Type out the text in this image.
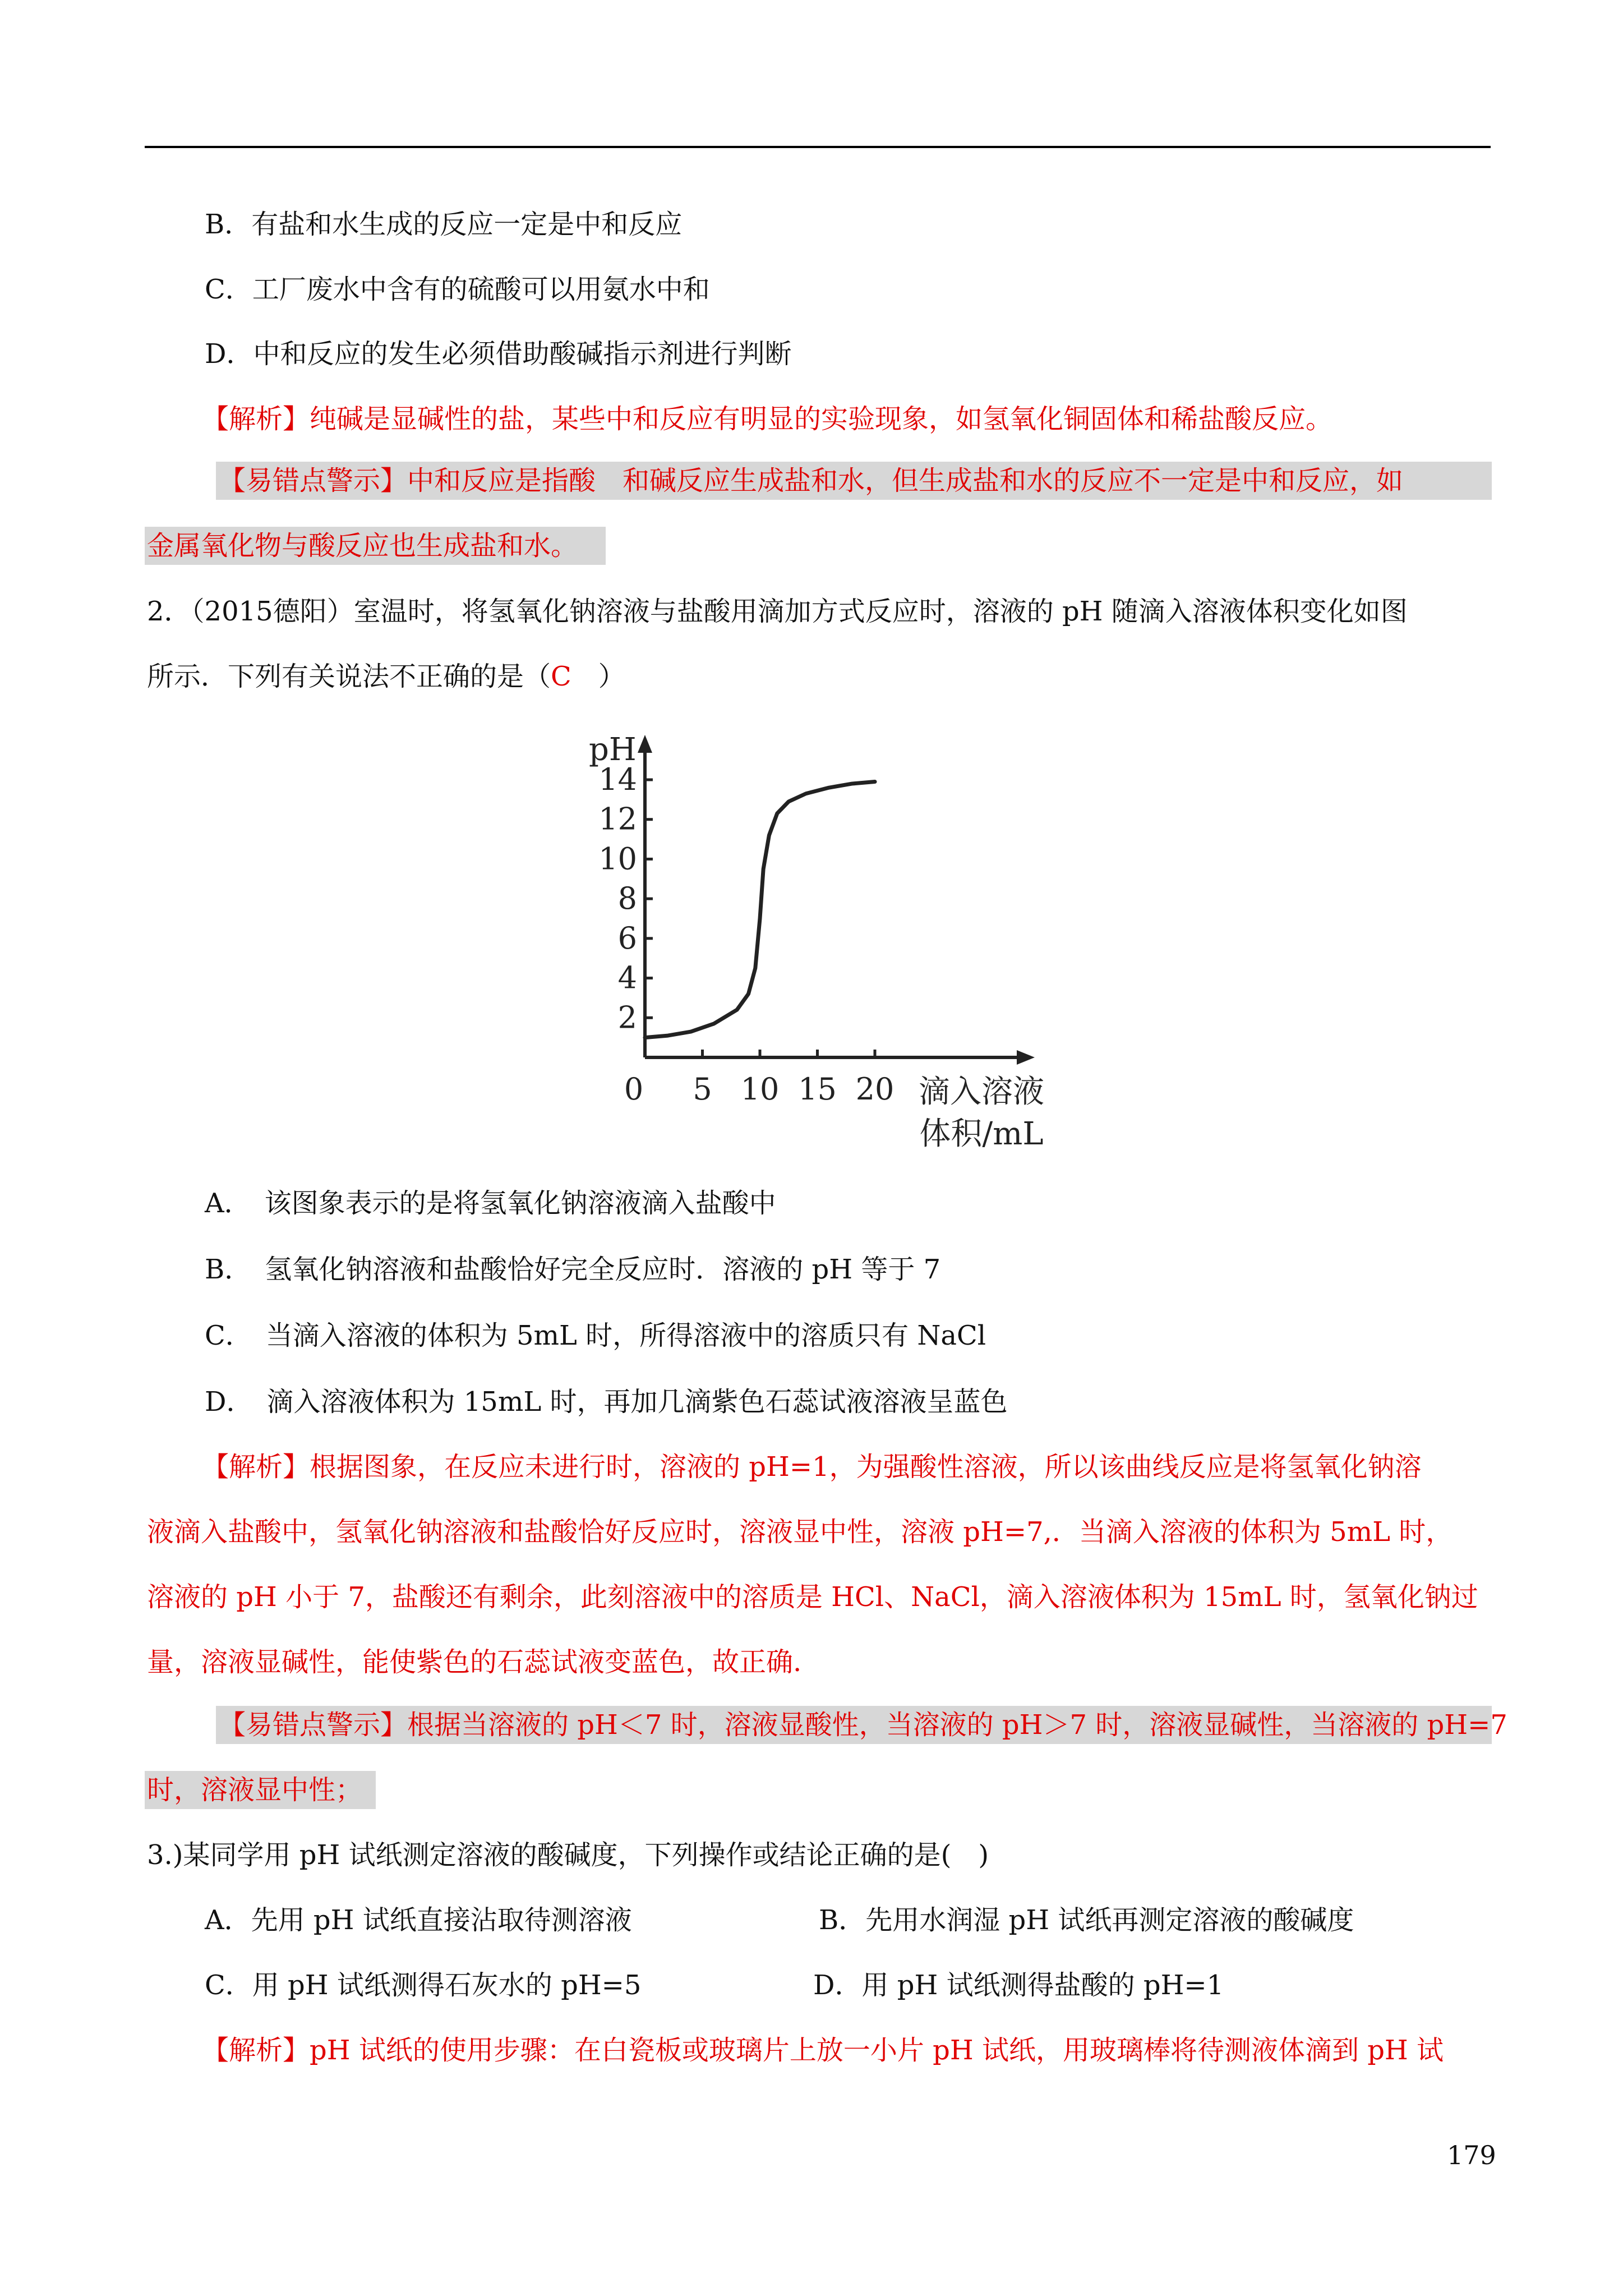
B．有盐和水生成的反应一定是中和反应
C．工厂废水中含有的硫酸可以用氨水中和
D．中和反应的发生必须借助酸碱指示剂进行判断
【解析】纯碱是显碱性的盐，某些中和反应有明显的实验现象，如氢氧化铜固体和稀盐酸反应。
【易错点警示】中和反应是指酸　和碱反应生成盐和水，但生成盐和水的反应不一定是中和反应，如
金属氧化物与酸反应也生成盐和水。
2．（2015德阳）室温时，将氢氧化钠溶液与盐酸用滴加方式反应时，溶液的 pH 随滴入溶液体积变化如图
所示．下列有关说法不正确的是（C　）
pH
2
4
6
8
10
12
14
0 5 10 15 20 滴入溶液
体积/mL
A．　该图象表示的是将氢氧化钠溶液滴入盐酸中
B．　氢氧化钠溶液和盐酸恰好完全反应时．溶液的 pH 等于 7
C．　当滴入溶液的体积为 5mL 时，所得溶液中的溶质只有 NaCl
D．　滴入溶液体积为 15mL 时，再加几滴紫色石蕊试液溶液呈蓝色
【解析】根据图象，在反应未进行时，溶液的 pH=1，为强酸性溶液，所以该曲线反应是将氢氧化钠溶
液滴入盐酸中，氢氧化钠溶液和盐酸恰好反应时，溶液显中性，溶液 pH=7,．当滴入溶液的体积为 5mL 时，
溶液的 pH 小于 7，盐酸还有剩余，此刻溶液中的溶质是 HCl、NaCl，滴入溶液体积为 15mL 时，氢氧化钠过
量，溶液显碱性，能使紫色的石蕊试液变蓝色，故正确.
【易错点警示】根据当溶液的 pH＜7 时，溶液显酸性，当溶液的 pH＞7 时，溶液显碱性，当溶液的 pH=7
时，溶液显中性；
3.)某同学用 pH 试纸测定溶液的酸碱度，下列操作或结论正确的是(　)
A．先用 pH 试纸直接沾取待测溶液	B．先用水润湿 pH 试纸再测定溶液的酸碱度
C．用 pH 试纸测得石灰水的 pH=5	D．用 pH 试纸测得盐酸的 pH=1
【解析】pH 试纸的使用步骤：在白瓷板或玻璃片上放一小片 pH 试纸，用玻璃棒将待测液体滴到 pH 试
179
